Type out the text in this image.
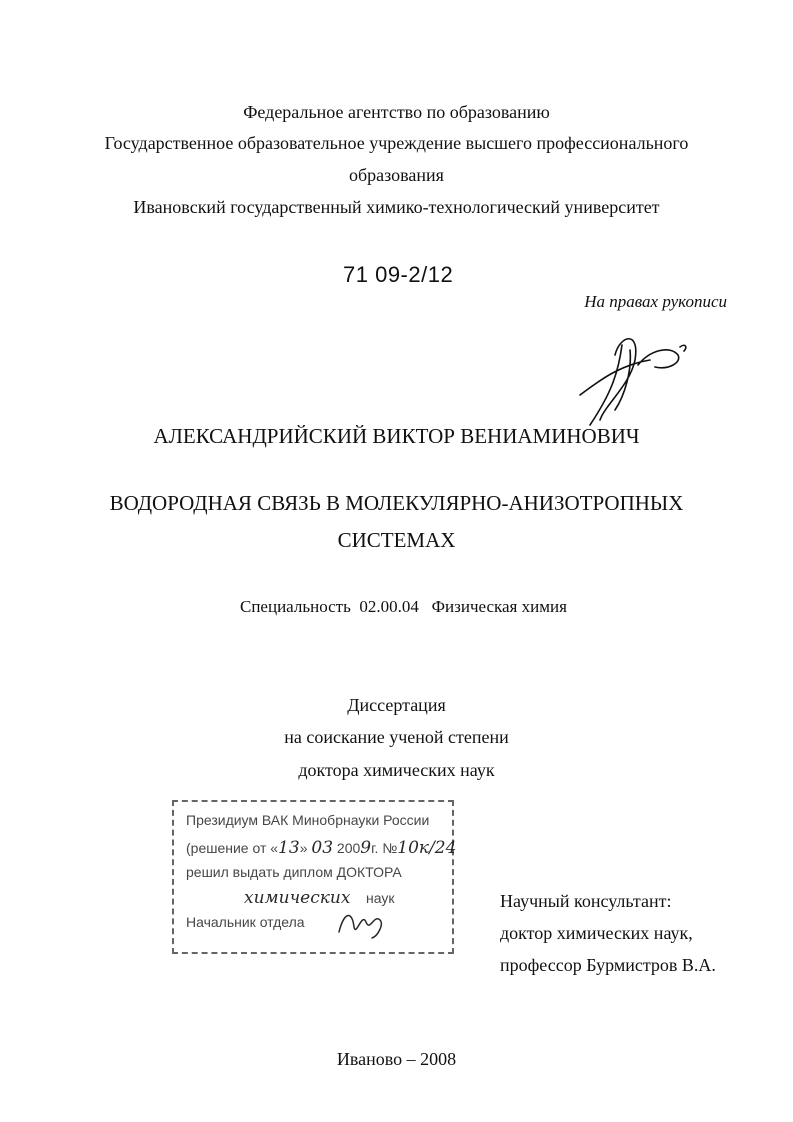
Федеральное агентство по образованию
Государственное образовательное учреждение высшего профессионального
образования
Ивановский государственный химико-технологический университет
71 09-2/12
На правах рукописи
АЛЕКСАНДРИЙСКИЙ ВИКТОР ВЕНИАМИНОВИЧ
ВОДОРОДНАЯ СВЯЗЬ В МОЛЕКУЛЯРНО-АНИЗОТРОПНЫХ
СИСТЕМАХ
Специальность 02.00.04 Физическая химия
Диссертация
на соискание ученой степени
доктора химических наук
Президиум ВАК Минобрнауки России
(решение от «13» 03 2009г. №10к/24
решил выдать диплом ДОКТОРА
химических наук
Начальник отдела
Научный консультант:
доктор химических наук,
профессор Бурмистров В.А.
Иваново – 2008
